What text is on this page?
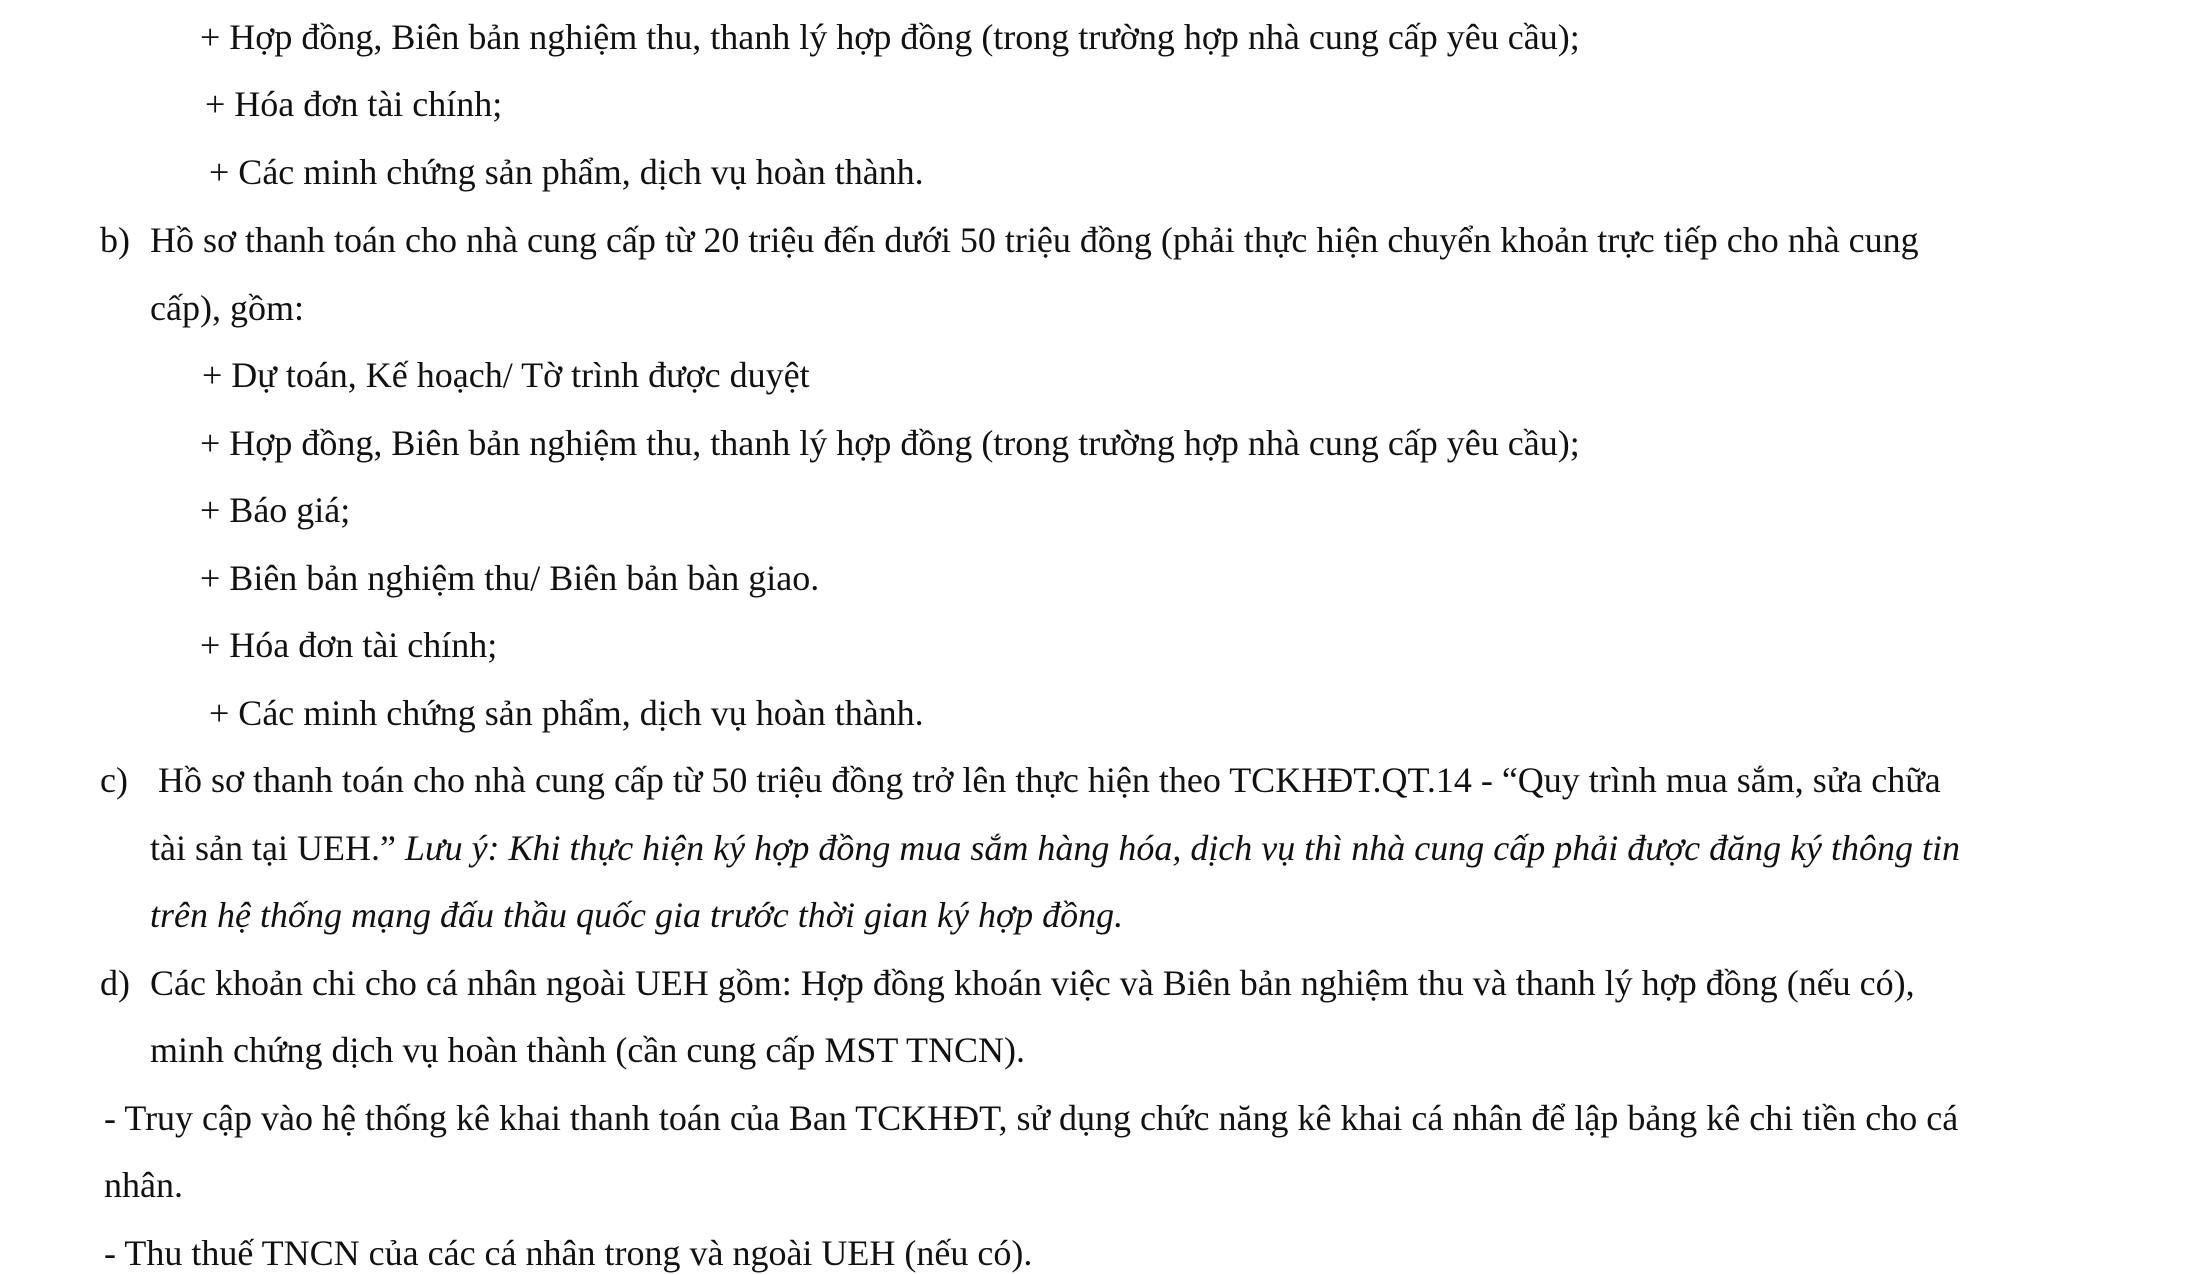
+ Hợp đồng, Biên bản nghiệm thu, thanh lý hợp đồng (trong trường hợp nhà cung cấp yêu cầu);
+ Hóa đơn tài chính;
+ Các minh chứng sản phẩm, dịch vụ hoàn thành.
b) Hồ sơ thanh toán cho nhà cung cấp từ 20 triệu đến dưới 50 triệu đồng (phải thực hiện chuyển khoản trực tiếp cho nhà cung
cấp), gồm:
+ Dự toán, Kế hoạch/ Tờ trình được duyệt
+ Hợp đồng, Biên bản nghiệm thu, thanh lý hợp đồng (trong trường hợp nhà cung cấp yêu cầu);
+ Báo giá;
+ Biên bản nghiệm thu/ Biên bản bàn giao.
+ Hóa đơn tài chính;
+ Các minh chứng sản phẩm, dịch vụ hoàn thành.
c) Hồ sơ thanh toán cho nhà cung cấp từ 50 triệu đồng trở lên thực hiện theo TCKHĐT.QT.14 - “Quy trình mua sắm, sửa chữa
tài sản tại UEH.” Lưu ý: Khi thực hiện ký hợp đồng mua sắm hàng hóa, dịch vụ thì nhà cung cấp phải được đăng ký thông tin
trên hệ thống mạng đấu thầu quốc gia trước thời gian ký hợp đồng.
d) Các khoản chi cho cá nhân ngoài UEH gồm: Hợp đồng khoán việc và Biên bản nghiệm thu và thanh lý hợp đồng (nếu có),
minh chứng dịch vụ hoàn thành (cần cung cấp MST TNCN).
- Truy cập vào hệ thống kê khai thanh toán của Ban TCKHĐT, sử dụng chức năng kê khai cá nhân để lập bảng kê chi tiền cho cá
nhân.
- Thu thuế TNCN của các cá nhân trong và ngoài UEH (nếu có).
